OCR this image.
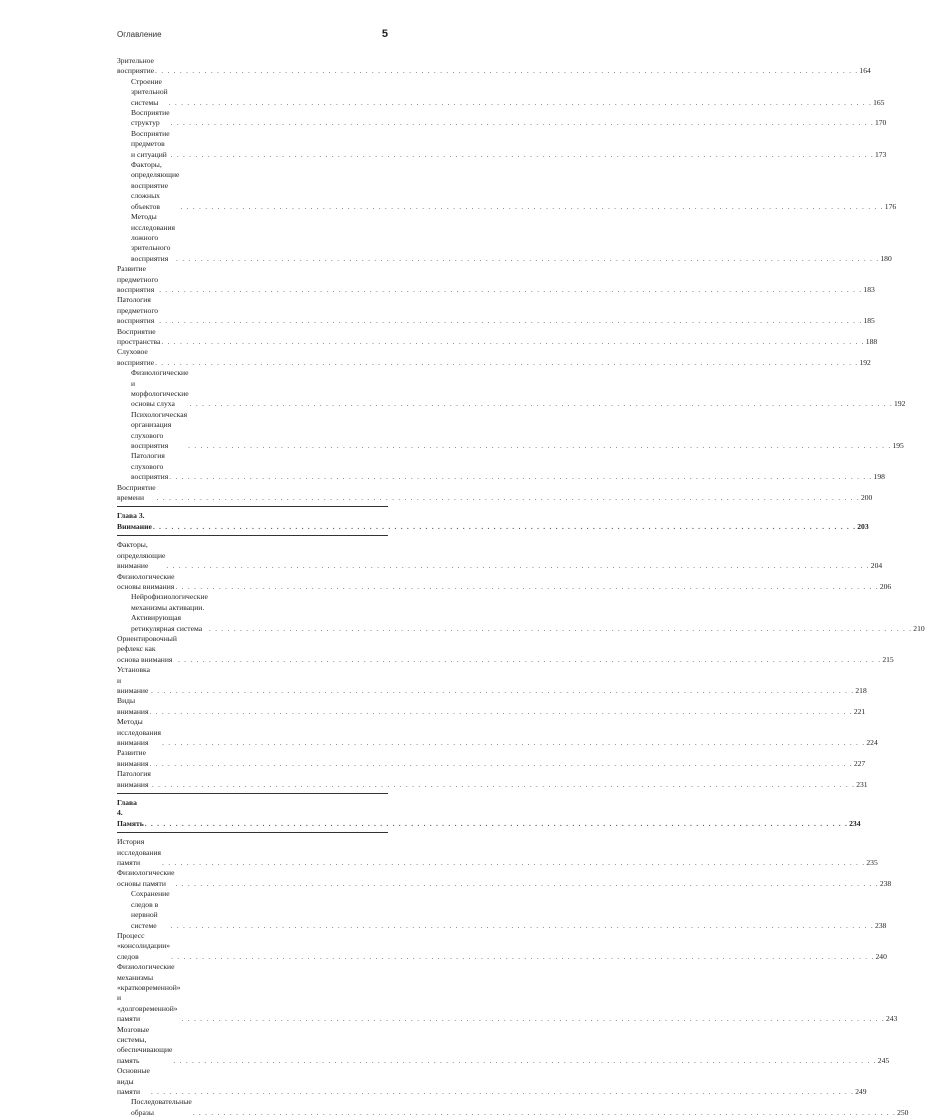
Оглавление	5
Зрительное восприятие . . .	164
Строение зрительной системы . . .	165
Восприятие структур . . .	170
Восприятие предметов и ситуаций . . .	173
Факторы, определяющие восприятие сложных объектов . . .	176
Методы исследования ложного зрительного восприятия . . .	180
Развитие предметного восприятия . . .	183
Патология предметного восприятия . . .	185
Восприятие пространства . . .	188
Слуховое восприятие . . .	192
Физиологические и морфологические основы слуха . . .	192
Психологическая организация слухового восприятия . . .	195
Патология слухового восприятия . . .	198
Восприятие времени . . .	200
Глава 3. Внимание . . .	203
Факторы, определяющие внимание . . .	204
Физиологические основы внимания . . .	206
Нейрофизиологические механизмы активации. Активирующая ретикулярная система . . .	210
Ориентировочный рефлекс как основа внимания . . .	215
Установка и внимание . . .	218
Виды внимания . . .	221
Методы исследования внимания . . .	224
Развитие внимания . . .	227
Патология внимания . . .	231
Глава 4. Память . . .	234
История исследования памяти . . .	235
Физиологические основы памяти . . .	238
Сохранение следов в нервной системе . . .	238
Процесс «консолидации» следов . . .	240
Физиологические механизмы «кратковременной» и «долговременной» памяти . . .	243
Мозговые системы, обеспечивающие память . . .	245
Основные виды памяти . . .	249
Последовательные образы . . .	250
